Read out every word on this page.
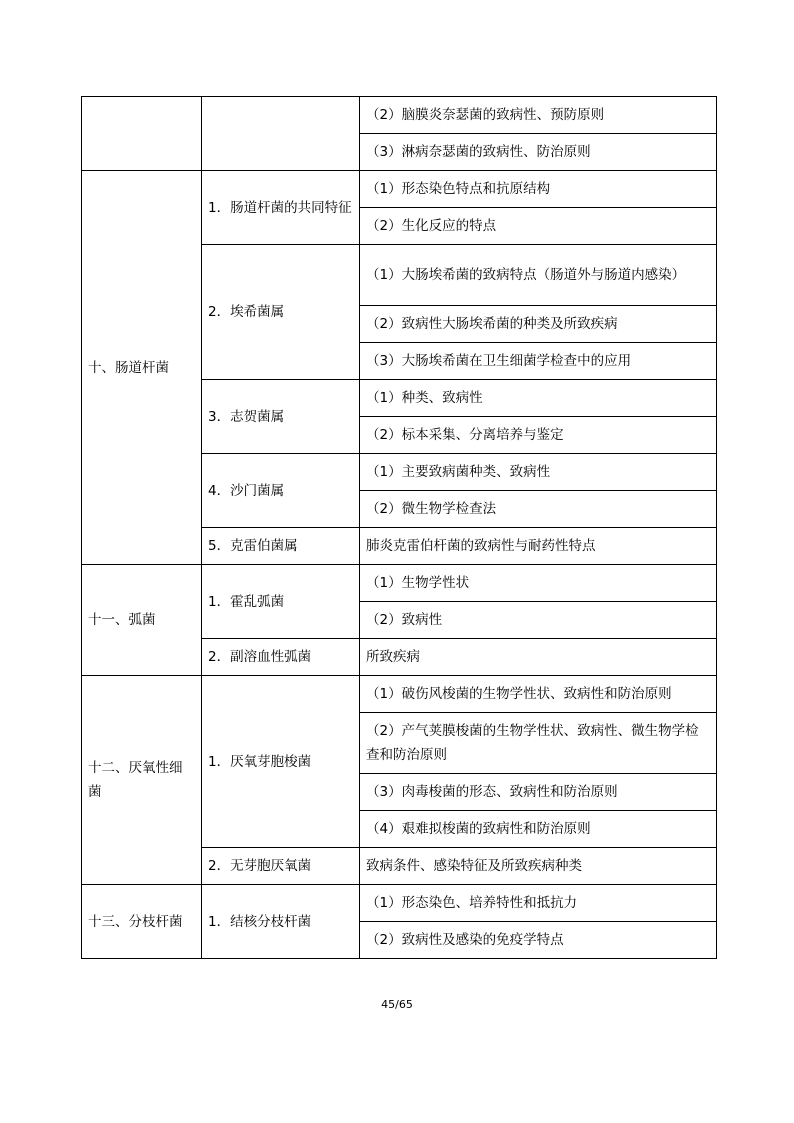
		（2）脑膜炎奈瑟菌的致病性、预防原则
		（3）淋病奈瑟菌的致病性、防治原则
十、肠道杆菌	1．肠道杆菌的共同特征	（1）形态染色特点和抗原结构
		（2）生化反应的特点
	2．埃希菌属	（1）大肠埃希菌的致病特点（肠道外与肠道内感染）
		（2）致病性大肠埃希菌的种类及所致疾病
		（3）大肠埃希菌在卫生细菌学检查中的应用
	3．志贺菌属	（1）种类、致病性
		（2）标本采集、分离培养与鉴定
	4．沙门菌属	（1）主要致病菌种类、致病性
		（2）微生物学检查法
	5．克雷伯菌属	肺炎克雷伯杆菌的致病性与耐药性特点
十一、弧菌	1．霍乱弧菌	（1）生物学性状
		（2）致病性
	2．副溶血性弧菌	所致疾病
十二、厌氧性细菌	1．厌氧芽胞梭菌	（1）破伤风梭菌的生物学性状、致病性和防治原则
		（2）产气荚膜梭菌的生物学性状、致病性、微生物学检查和防治原则
		（3）肉毒梭菌的形态、致病性和防治原则
		（4）艰难拟梭菌的致病性和防治原则
	2．无芽胞厌氧菌	致病条件、感染特征及所致疾病种类
十三、分枝杆菌	1．结核分枝杆菌	（1）形态染色、培养特性和抵抗力
		（2）致病性及感染的免疫学特点
45/65
